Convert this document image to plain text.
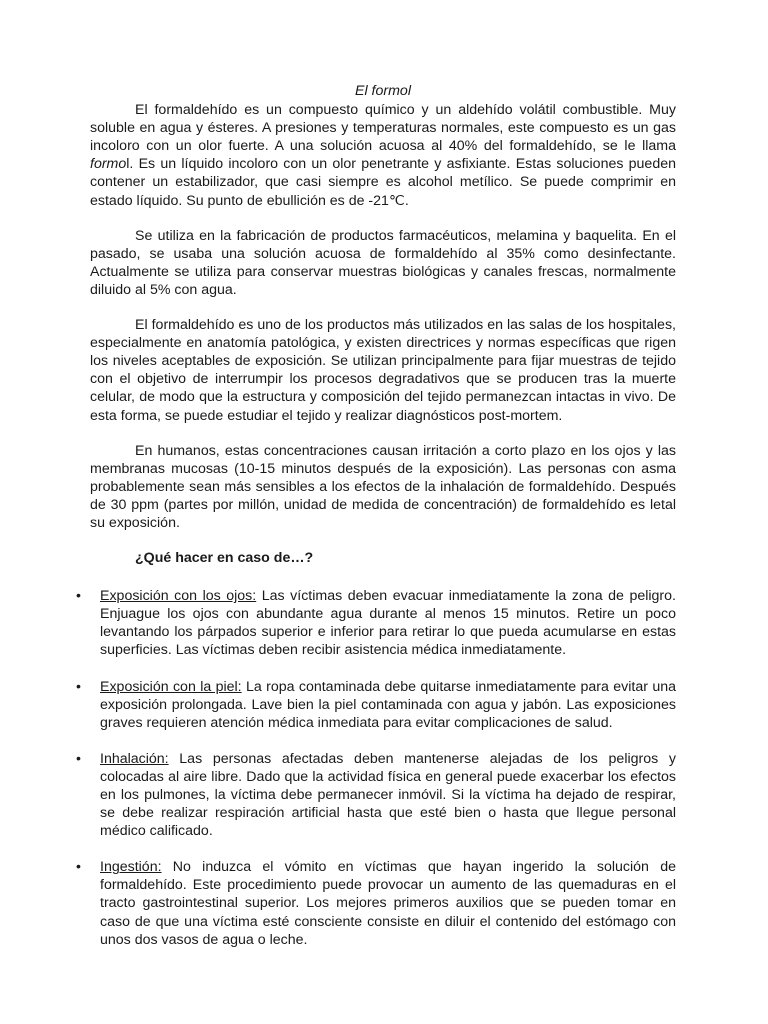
El formol

El formaldehído es un compuesto químico y un aldehído volátil combustible. Muy soluble en agua y ésteres. A presiones y temperaturas normales, este compuesto es un gas incoloro con un olor fuerte. A una solución acuosa al 40% del formaldehído, se le llama formol. Es un líquido incoloro con un olor penetrante y asfixiante. Estas soluciones pueden contener un estabilizador, que casi siempre es alcohol metílico. Se puede comprimir en estado líquido. Su punto de ebullición es de -21℃.

Se utiliza en la fabricación de productos farmacéuticos, melamina y baquelita. En el pasado, se usaba una solución acuosa de formaldehído al 35% como desinfectante. Actualmente se utiliza para conservar muestras biológicas y canales frescas, normalmente diluido al 5% con agua.

El formaldehído es uno de los productos más utilizados en las salas de los hospitales, especialmente en anatomía patológica, y existen directrices y normas específicas que rigen los niveles aceptables de exposición. Se utilizan principalmente para fijar muestras de tejido con el objetivo de interrumpir los procesos degradativos que se producen tras la muerte celular, de modo que la estructura y composición del tejido permanezcan intactas in vivo. De esta forma, se puede estudiar el tejido y realizar diagnósticos post-mortem.

En humanos, estas concentraciones causan irritación a corto plazo en los ojos y las membranas mucosas (10-15 minutos después de la exposición). Las personas con asma probablemente sean más sensibles a los efectos de la inhalación de formaldehído. Después de 30 ppm (partes por millón, unidad de medida de concentración) de formaldehído es letal su exposición.

¿Qué hacer en caso de…?
• Exposición con los ojos: Las víctimas deben evacuar inmediatamente la zona de peligro. Enjuague los ojos con abundante agua durante al menos 15 minutos. Retire un poco levantando los párpados superior e inferior para retirar lo que pueda acumularse en estas superficies. Las víctimas deben recibir asistencia médica inmediatamente.
• Exposición con la piel: La ropa contaminada debe quitarse inmediatamente para evitar una exposición prolongada. Lave bien la piel contaminada con agua y jabón. Las exposiciones graves requieren atención médica inmediata para evitar complicaciones de salud.
• Inhalación: Las personas afectadas deben mantenerse alejadas de los peligros y colocadas al aire libre. Dado que la actividad física en general puede exacerbar los efectos en los pulmones, la víctima debe permanecer inmóvil. Si la víctima ha dejado de respirar, se debe realizar respiración artificial hasta que esté bien o hasta que llegue personal médico calificado.
• Ingestión: No induzca el vómito en víctimas que hayan ingerido la solución de formaldehído. Este procedimiento puede provocar un aumento de las quemaduras en el tracto gastrointestinal superior. Los mejores primeros auxilios que se pueden tomar en caso de que una víctima esté consciente consiste en diluir el contenido del estómago con unos dos vasos de agua o leche.
